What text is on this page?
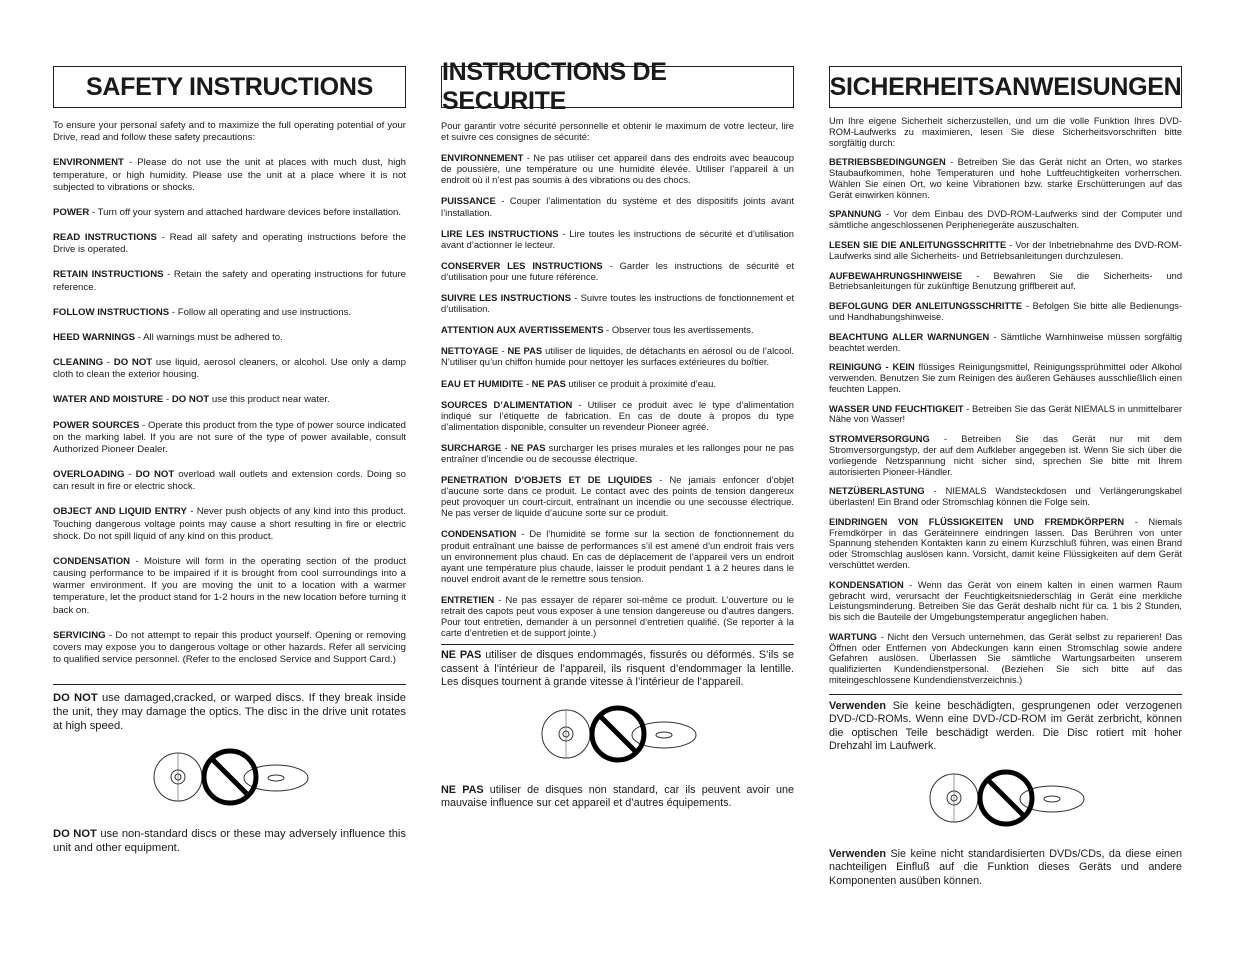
SAFETY INSTRUCTIONS

To ensure your personal safety and to maximize the full operating potential of your Drive, read and follow these safety precautions:

ENVIRONMENT - Please do not use the unit at places with much dust, high temperature, or high humidity. Please use the unit at a place where it is not subjected to vibrations or shocks.

POWER - Turn off your system and attached hardware devices before installation.

READ INSTRUCTIONS - Read all safety and operating instructions before the Drive is operated.

RETAIN INSTRUCTIONS - Retain the safety and operating instructions for future reference.

FOLLOW INSTRUCTIONS - Follow all operating and use instructions.

HEED WARNINGS - All warnings must be adhered to.

CLEANING - DO NOT use liquid, aerosol cleaners, or alcohol. Use only a damp cloth to clean the exterior housing.

WATER AND MOISTURE - DO NOT use this product near water.

POWER SOURCES - Operate this product from the type of power source indicated on the marking label. If you are not sure of the type of power available, consult Authorized Pioneer Dealer.

OVERLOADING - DO NOT overload wall outlets and extension cords. Doing so can result in fire or electric shock.

OBJECT AND LIQUID ENTRY - Never push objects of any kind into this product. Touching dangerous voltage points may cause a short resulting in fire or electric shock. Do not spill liquid of any kind on this product.

CONDENSATION - Moisture will form in the operating section of the product causing performance to be impaired if it is brought from cool surroundings into a warmer environment. If you are moving the unit to a location with a warmer temperature, let the product stand for 1-2 hours in the new location before turning it back on.

SERVICING - Do not attempt to repair this product yourself. Opening or removing covers may expose you to dangerous voltage or other hazards. Refer all servicing to qualified service personnel. (Refer to the enclosed Service and Support Card.)

DO NOT use damaged,cracked, or warped discs. If they break inside the unit, they may damage the optics. The disc in the drive unit rotates at high speed.

DO NOT use non-standard discs or these may adversely influence this unit and other equipment.

INSTRUCTIONS DE SECURITE

Pour garantir votre sécurité personnelle et obtenir le maximum de votre lecteur, lire et suivre ces consignes de sécurité:

ENVIRONNEMENT - Ne pas utiliser cet appareil dans des endroits avec beaucoup de poussière, une température ou une humidité élevée. Utiliser l’appareil à un endroit où il n’est pas soumis à des vibrations ou des chocs.

PUISSANCE - Couper l’alimentation du système et des dispositifs joints avant l’installation.

LIRE LES INSTRUCTIONS - Lire toutes les instructions de sécurité et d’utilisation avant d’actionner le lecteur.

CONSERVER LES INSTRUCTIONS - Garder les instructions de sécurité et d’utilisation pour une future référence.

SUIVRE LES INSTRUCTIONS - Suivre toutes les instructions de fonctionnement et d’utilisation.

ATTENTION AUX AVERTISSEMENTS - Observer tous les avertissements.

NETTOYAGE - NE PAS utiliser de liquides, de détachants en aérosol ou de l’alcool. N’utiliser qu’un chiffon humide pour nettoyer les surfaces extérieures du boîtier.

EAU ET HUMIDITE - NE PAS utiliser ce produit à proximité d’eau.

SOURCES D’ALIMENTATION - Utiliser ce produit avec le type d’alimentation indiqué sur l’étiquette de fabrication. En cas de doute à propos du type d’alimentation disponible, consulter un revendeur Pioneer agréé.

SURCHARGE - NE PAS surcharger les prises murales et les rallonges pour ne pas entraîner d’incendie ou de secousse électrique.

PENETRATION D’OBJETS ET DE LIQUIDES - Ne jamais enfoncer d’objet d’aucune sorte dans ce produit. Le contact avec des points de tension dangereux peut provoquer un court-circuit, entraînant un incendie ou une secousse électrique. Ne pas verser de liquide d’aucune sorte sur ce produit.

CONDENSATION - De l’humidité se forme sur la section de fonctionnement du produit entraînant une baisse de performances s’il est amené d’un endroit frais vers un environnement plus chaud. En cas de déplacement de l’appareil vers un endroit ayant une température plus chaude, laisser le produit pendant 1 à 2 heures dans le nouvel endroit avant de le remettre sous tension.

ENTRETIEN - Ne pas essayer de réparer soi-même ce produit. L’ouverture ou le retrait des capots peut vous exposer à une tension dangereuse ou d’autres dangers. Pour tout entretien, demander à un personnel d’entretien qualifié. (Se reporter à la carte d’entretien et de support jointe.)

NE PAS utiliser de disques endommagés, fissurés ou déformés. S’ils se cassent à l’intérieur de l’appareil, ils risquent d’endommager la lentille. Les disques tournent à grande vitesse à l’intérieur de l’appareil.

NE PAS utiliser de disques non standard, car ils peuvent avoir une mauvaise influence sur cet appareil et d’autres équipements.

SICHERHEITSANWEISUNGEN

Um Ihre eigene Sicherheit sicherzustellen, und um die volle Funktion Ihres DVD-ROM-Laufwerks zu maximieren, lesen Sie diese Sicherheitsvorschriften bitte sorgfältig durch:

BETRIEBSBEDINGUNGEN - Betreiben Sie das Gerät nicht an Orten, wo starkes Staubaufkommen, hohe Temperaturen und hohe Luftfeuchtigkeiten vorherrschen. Wählen Sie einen Ort, wo keine Vibrationen bzw. starke Erschütterungen auf das Gerät einwirken können.

SPANNUNG - Vor dem Einbau des DVD-ROM-Laufwerks sind der Computer und sämtliche angeschlossenen Peripheriegeräte auszuschalten.

LESEN SIE DIE ANLEITUNGSSCHRITTE - Vor der Inbetriebnahme des DVD-ROM-Laufwerks sind alle Sicherheits- und Betriebsanleitungen durchzulesen.

AUFBEWAHRUNGSHINWEISE - Bewahren Sie die Sicherheits- und Betriebsanleitungen für zukünftige Benutzung griffbereit auf.

BEFOLGUNG DER ANLEITUNGSSCHRITTE - Befolgen Sie bitte alle Bedienungs- und Handhabungshinweise.

BEACHTUNG ALLER WARNUNGEN - Sämtliche Warnhinweise müssen sorgfältig beachtet werden.

REINIGUNG - KEIN flüssiges Reinigungsmittel, Reinigungssprühmittel oder Alkohol verwenden. Benutzen Sie zum Reinigen des äußeren Gehäuses ausschließlich einen feuchten Lappen.

WASSER UND FEUCHTIGKEIT - Betreiben Sie das Gerät NIEMALS in unmittelbarer Nähe von Wasser!

STROMVERSORGUNG - Betreiben Sie das Gerät nur mit dem Stromversorgungstyp, der auf dem Aufkleber angegeben ist. Wenn Sie sich über die vorliegende Netzspannung nicht sicher sind, sprechen Sie bitte mit Ihrem autorisierten Pioneer-Händler.

NETZÜBERLASTUNG - NIEMALS Wandsteckdosen und Verlängerungskabel überlasten! Ein Brand oder Stromschlag können die Folge sein.

EINDRINGEN VON FLÜSSIGKEITEN UND FREMDKÖRPERN - Niemals Fremdkörper in das Geräteinnere eindringen lassen. Das Berühren von unter Spannung stehenden Kontakten kann zu einem Kurzschluß führen, was einen Brand oder Stromschlag auslösen kann. Vorsicht, damit keine Flüssigkeiten auf dem Gerät verschüttet werden.

KONDENSATION - Wenn das Gerät von einem kalten in einen warmen Raum gebracht wird, verursacht der Feuchtigkeitsniederschlag in Gerät eine merkliche Leistungsminderung. Betreiben Sie das Gerät deshalb nicht für ca. 1 bis 2 Stunden, bis sich die Bauteile der Umgebungstemperatur angeglichen haben.

WARTUNG - Nicht den Versuch unternehmen, das Gerät selbst zu reparieren! Das Öffnen oder Entfernen von Abdeckungen kann einen Stromschlag sowie andere Gefahren auslösen. Überlassen Sie sämtliche Wartungsarbeiten unserem qualifizierten Kundendienstpersonal. (Beziehen Sie sich bitte auf das miteingeschlossene Kundendienstverzeichnis.)

Verwenden Sie keine beschädigten, gesprungenen oder verzogenen DVD-/CD-ROMs. Wenn eine DVD-/CD-ROM im Gerät zerbricht, können die optischen Teile beschädigt werden. Die Disc rotiert mit hoher Drehzahl im Laufwerk.

Verwenden Sie keine nicht standardisierten DVDs/CDs, da diese einen nachteiligen Einfluß auf die Funktion dieses Geräts und andere Komponenten ausüben können.
